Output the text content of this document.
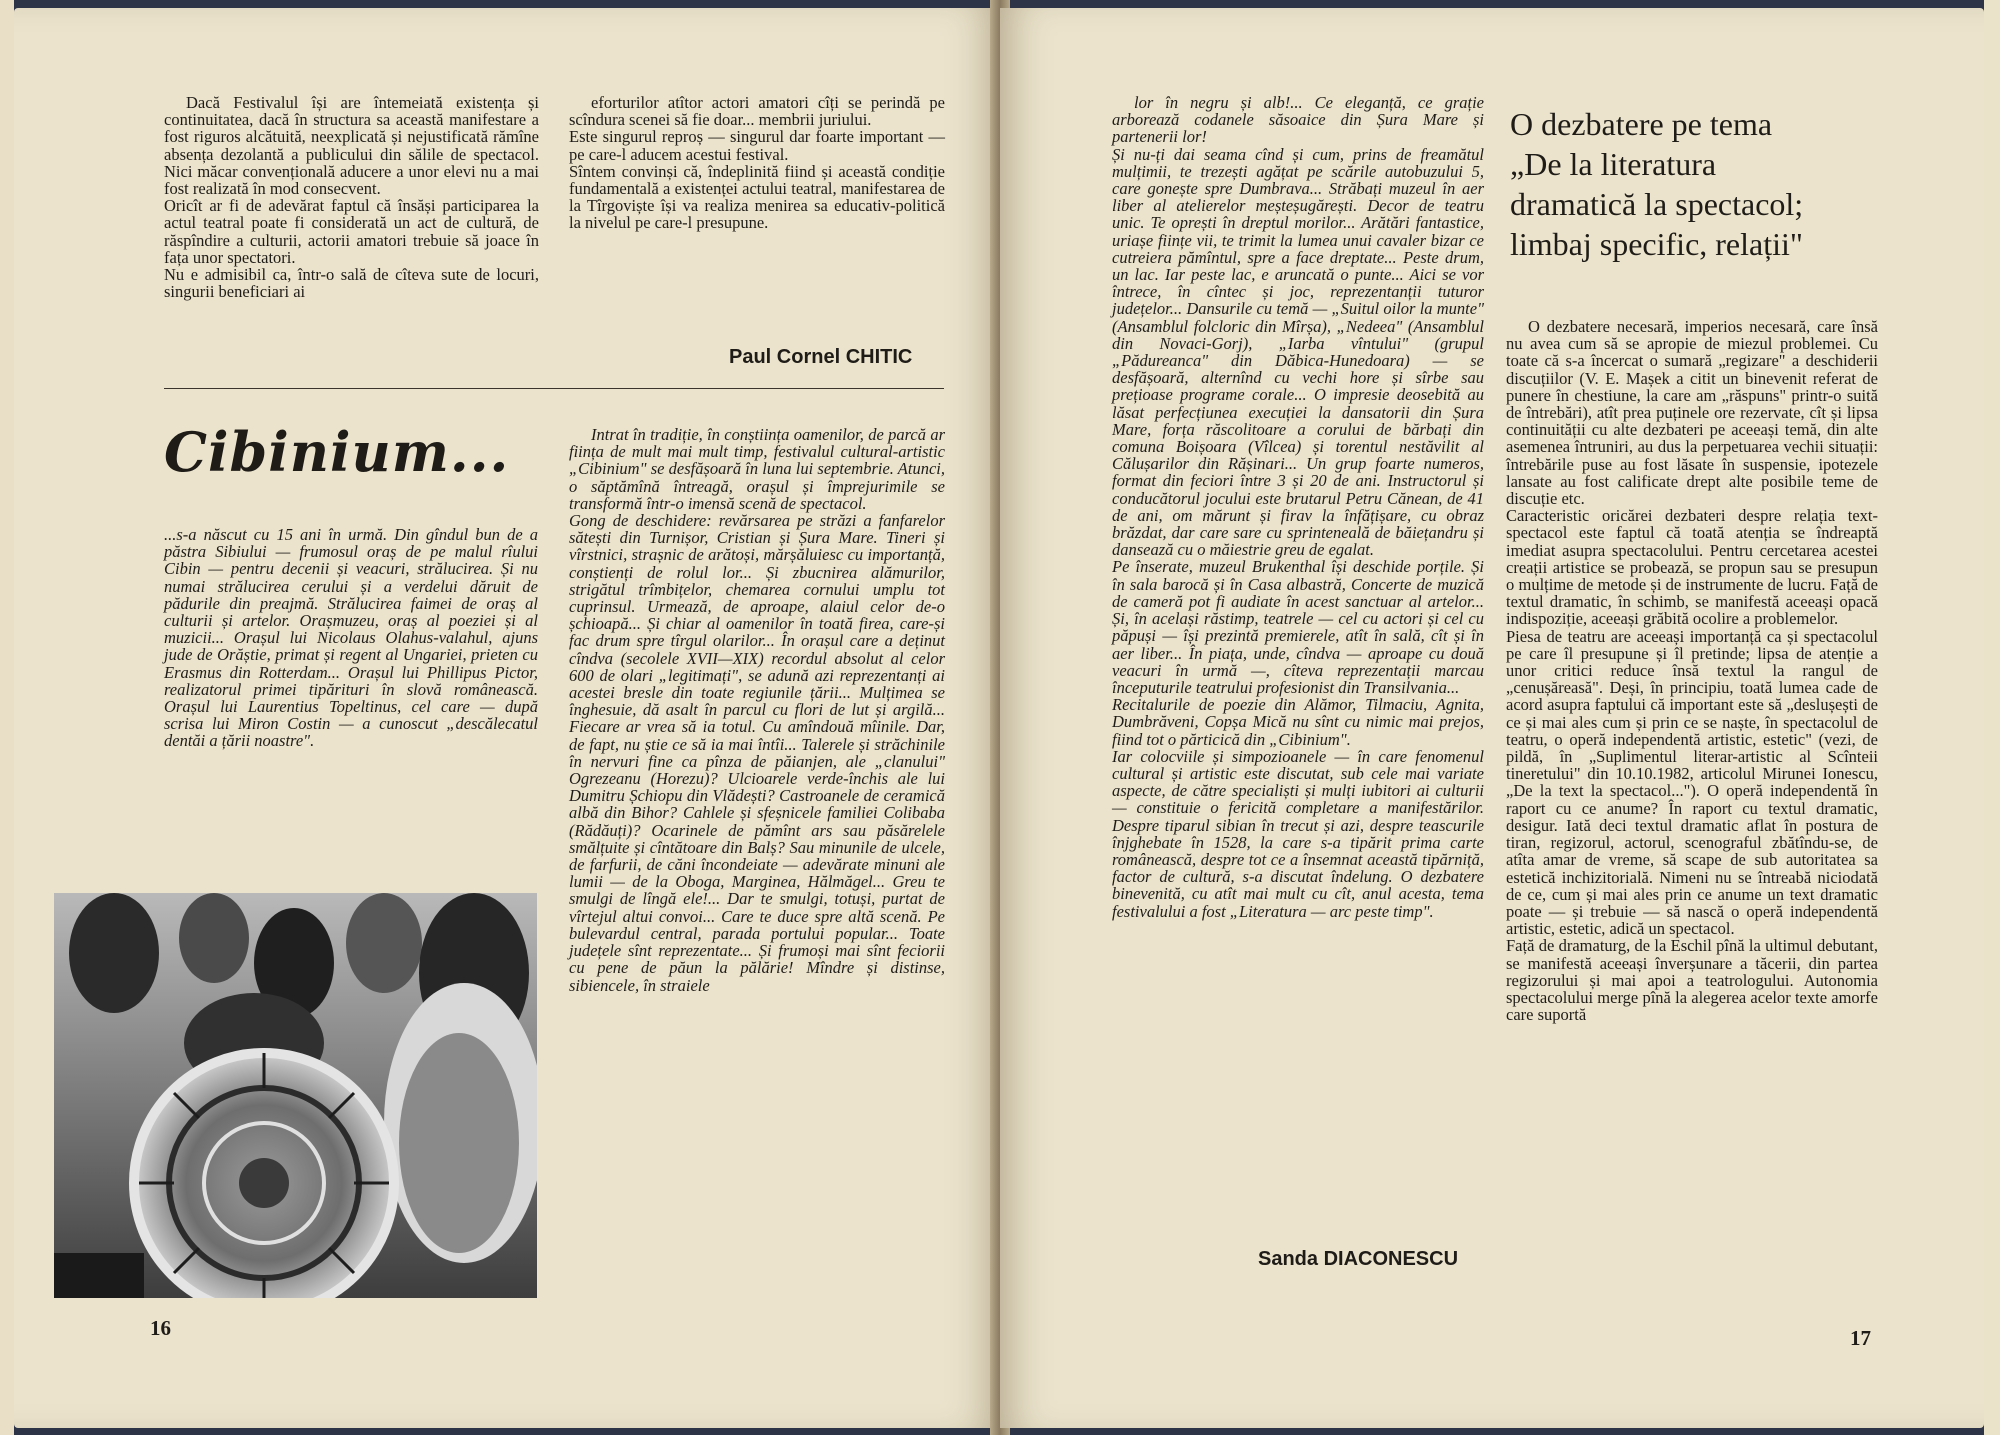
Dacă Festivalul își are întemeiată existența și continuitatea, dacă în structura sa această manifestare a fost riguros alcătuită, neexplicată și nejustificată rămîne absența dezolantă a publicului din sălile de spectacol. Nici măcar convențională aducere a unor elevi nu a mai fost realizată în mod consecvent.
Oricît ar fi de adevărat faptul că însăși participarea la actul teatral poate fi considerată un act de cultură, de răspîndire a culturii, actorii amatori trebuie să joace în fața unor spectatori.
Nu e admisibil ca, într-o sală de cîteva sute de locuri, singurii beneficiari ai
eforturilor atîtor actori amatori cîți se perindă pe scîndura scenei să fie doar... membrii juriului.
Este singurul reproș — singurul dar foarte important — pe care-l aducem acestui festival.
Sîntem convinși că, îndeplinită fiind și această condiție fundamentală a existenței actului teatral, manifestarea de la Tîrgoviște își va realiza menirea sa educativ-politică la nivelul pe care-l presupune.
Paul Cornel CHITIC
Cibinium...
...s-a născut cu 15 ani în urmă. Din gîndul bun de a păstra Sibiului — frumosul oraș de pe malul rîului Cibin — pentru decenii și veacuri, strălucirea. Și nu numai strălucirea cerului și a verdelui dăruit de pădurile din preajmă. Strălucirea faimei de oraș al culturii și artelor. Orașmuzeu, oraș al poeziei și al muzicii... Orașul lui Nicolaus Olahus-valahul, ajuns jude de Orăștie, primat și regent al Ungariei, prieten cu Erasmus din Rotterdam... Orașul lui Phillipus Pictor, realizatorul primei tipărituri în slovă românească. Orașul lui Laurentius Topeltinus, cel care — după scrisa lui Miron Costin — a cunoscut „descălecatul dentăi a țării noastre".
Intrat în tradiție, în conștiința oamenilor, de parcă ar ființa de mult mai mult timp, festivalul cultural-artistic „Cibinium" se desfășoară în luna lui septembrie. Atunci, o săptămînă întreagă, orașul și împrejurimile se transformă într-o imensă scenă de spectacol.
Gong de deschidere: revărsarea pe străzi a fanfarelor sătești din Turnișor, Cristian și Șura Mare. Tineri și vîrstnici, strașnic de arătoși, mărșăluiesc cu importanță, conștienți de rolul lor... Și zbucnirea alămurilor, strigătul trîmbițelor, chemarea cornului umplu tot cuprinsul. Urmează, de aproape, alaiul celor de-o șchioapă... Și chiar al oamenilor în toată firea, care-și fac drum spre tîrgul olarilor... În orașul care a deținut cîndva (secolele XVII—XIX) recordul absolut al celor 600 de olari „legitimați", se adună azi reprezentanți ai acestei bresle din toate regiunile țării... Mulțimea se înghesuie, dă asalt în parcul cu flori de lut și argilă... Fiecare ar vrea să ia totul. Cu amîndouă mîinile. Dar, de fapt, nu știe ce să ia mai întîi... Talerele și străchinile în nervuri fine ca pînza de păianjen, ale „clanului" Ogrezeanu (Horezu)? Ulcioarele verde-închis ale lui Dumitru Șchiopu din Vlădești? Castroanele de ceramică albă din Bihor? Cahlele și sfeșnicele familiei Colibaba (Rădăuți)? Ocarinele de pămînt ars sau păsărelele smălțuite și cîntătoare din Balș? Sau minunile de ulcele, de farfurii, de căni încondeiate — adevărate minuni ale lumii — de la Oboga, Marginea, Hălmăgel... Greu te smulgi de lîngă ele!... Dar te smulgi, totuși, purtat de vîrtejul altui convoi... Care te duce spre altă scenă. Pe bulevardul central, parada portului popular... Toate județele sînt reprezentate... Și frumoși mai sînt feciorii cu pene de păun la pălărie! Mîndre și distinse, sibiencele, în straiele
16
lor în negru și alb!... Ce eleganță, ce grație arborează codanele săsoaice din Șura Mare și partenerii lor!
Și nu-ți dai seama cînd și cum, prins de freamătul mulțimii, te trezești agățat pe scările autobuzului 5, care gonește spre Dumbrava... Străbați muzeul în aer liber al atelierelor meșteșugărești. Decor de teatru unic. Te oprești în dreptul morilor... Arătări fantastice, uriașe ființe vii, te trimit la lumea unui cavaler bizar ce cutreiera pămîntul, spre a face dreptate... Peste drum, un lac. Iar peste lac, e aruncată o punte... Aici se vor întrece, în cîntec și joc, reprezentanții tuturor județelor... Dansurile cu temă — „Suitul oilor la munte" (Ansamblul folcloric din Mîrșa), „Nedeea" (Ansamblul din Novaci-Gorj), „Iarba vîntului" (grupul „Pădureanca" din Dăbica-Hunedoara) — se desfășoară, alternînd cu vechi hore și sîrbe sau prețioase programe corale... O impresie deosebită au lăsat perfecțiunea execuției la dansatorii din Șura Mare, forța răscolitoare a corului de bărbați din comuna Boișoara (Vîlcea) și torentul nestăvilit al Călușarilor din Rășinari... Un grup foarte numeros, format din feciori între 3 și 20 de ani. Instructorul și conducătorul jocului este brutarul Petru Cănean, de 41 de ani, om mărunt și firav la înfățișare, cu obraz brăzdat, dar care sare cu sprinteneală de băiețandru și dansează cu o măiestrie greu de egalat.
Pe înserate, muzeul Brukenthal își deschide porțile. Și în sala barocă și în Casa albastră, Concerte de muzică de cameră pot fi audiate în acest sanctuar al artelor... Și, în același răstimp, teatrele — cel cu actori și cel cu păpuși — își prezintă premierele, atît în sală, cît și în aer liber... În piața, unde, cîndva — aproape cu două veacuri în urmă —, cîteva reprezentații marcau începuturile teatrului profesionist din Transilvania...
Recitalurile de poezie din Alămor, Tilmaciu, Agnita, Dumbrăveni, Copșa Mică nu sînt cu nimic mai prejos, fiind tot o părticică din „Cibinium".
Iar colocviile și simpozioanele — în care fenomenul cultural și artistic este discutat, sub cele mai variate aspecte, de către specialiști și mulți iubitori ai culturii — constituie o fericită completare a manifestărilor. Despre tiparul sibian în trecut și azi, despre teascurile înjghebate în 1528, la care s-a tipărit prima carte românească, despre tot ce a însemnat această tipărniță, factor de cultură, s-a discutat îndelung. O dezbatere binevenită, cu atît mai mult cu cît, anul acesta, tema festivalului a fost „Literatura — arc peste timp".
Sanda DIACONESCU
O dezbatere pe tema
„De la literatura
dramatică la spectacol;
limbaj specific, relații"
O dezbatere necesară, imperios necesară, care însă nu avea cum să se apropie de miezul problemei. Cu toate că s-a încercat o sumară „regizare" a deschiderii discuțiilor (V. E. Mașek a citit un binevenit referat de punere în chestiune, la care am „răspuns" printr-o suită de întrebări), atît prea puținele ore rezervate, cît și lipsa continuității cu alte dezbateri pe aceeași temă, din alte asemenea întruniri, au dus la perpetuarea vechii situații: întrebările puse au fost lăsate în suspensie, ipotezele lansate au fost calificate drept alte posibile teme de discuție etc.
Caracteristic oricărei dezbateri despre relația text-spectacol este faptul că toată atenția se îndreaptă imediat asupra spectacolului. Pentru cercetarea acestei creații artistice se probează, se propun sau se presupun o mulțime de metode și de instrumente de lucru. Față de textul dramatic, în schimb, se manifestă aceeași opacă indispoziție, aceeași grăbită ocolire a problemelor.
Piesa de teatru are aceeași importanță ca și spectacolul pe care îl presupune și îl pretinde; lipsa de atenție a unor critici reduce însă textul la rangul de „cenușăreasă". Deși, în principiu, toată lumea cade de acord asupra faptului că important este să „deslușești de ce și mai ales cum și prin ce se naște, în spectacolul de teatru, o operă independentă artistic, estetic" (vezi, de pildă, în „Suplimentul literar-artistic al Scînteii tineretului" din 10.10.1982, articolul Mirunei Ionescu, „De la text la spectacol..."). O operă independentă în raport cu ce anume? În raport cu textul dramatic, desigur. Iată deci textul dramatic aflat în postura de tiran, regizorul, actorul, scenograful zbătîndu-se, de atîta amar de vreme, să scape de sub autoritatea sa estetică inchizitorială. Nimeni nu se întreabă niciodată de ce, cum și mai ales prin ce anume un text dramatic poate — și trebuie — să nască o operă independentă artistic, estetic, adică un spectacol.
Față de dramaturg, de la Eschil pînă la ultimul debutant, se manifestă aceeași înverșunare a tăcerii, din partea regizorului și mai apoi a teatrologului. Autonomia spectacolului merge pînă la alegerea acelor texte amorfe care suportă
17
